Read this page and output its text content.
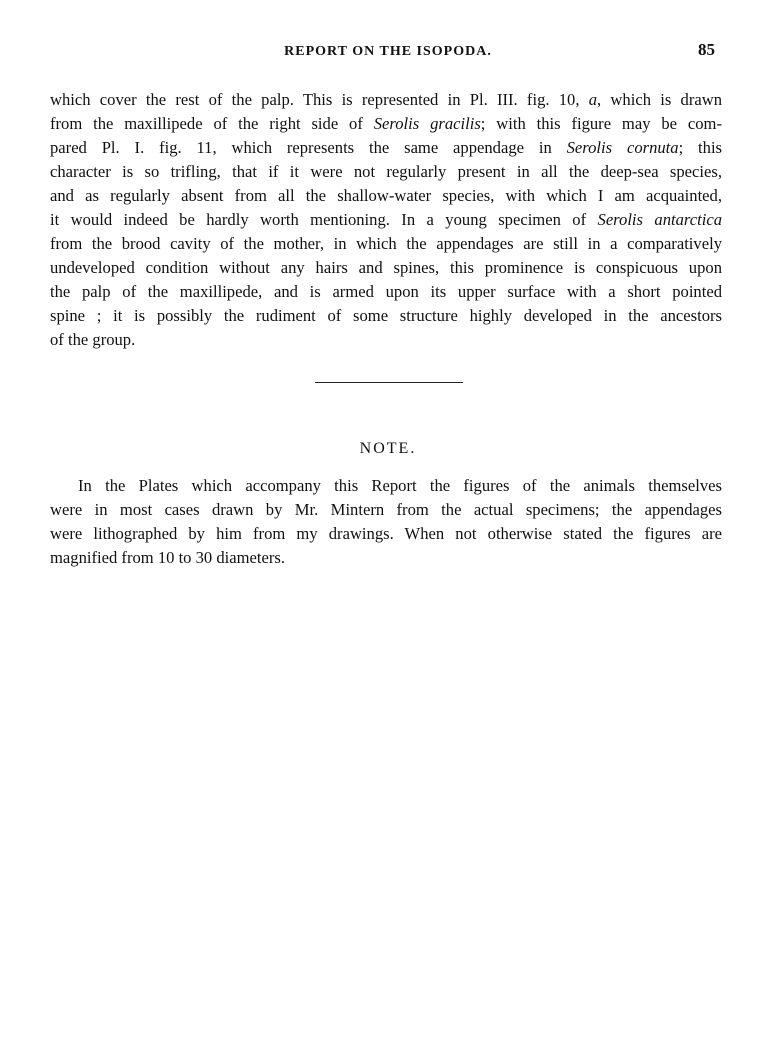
REPORT ON THE ISOPODA.	85
which cover the rest of the palp. This is represented in Pl. III. fig. 10, a, which is drawn
from the maxillipede of the right side of Serolis gracilis; with this figure may be com-
pared Pl. I. fig. 11, which represents the same appendage in Serolis cornuta; this
character is so trifling, that if it were not regularly present in all the deep-sea species,
and as regularly absent from all the shallow-water species, with which I am acquainted,
it would indeed be hardly worth mentioning. In a young specimen of Serolis antarctica
from the brood cavity of the mother, in which the appendages are still in a comparatively
undeveloped condition without any hairs and spines, this prominence is conspicuous upon
the palp of the maxillipede, and is armed upon its upper surface with a short pointed
spine ; it is possibly the rudiment of some structure highly developed in the ancestors
of the group.
NOTE.
In the Plates which accompany this Report the figures of the animals themselves
were in most cases drawn by Mr. Mintern from the actual specimens; the appendages
were lithographed by him from my drawings. When not otherwise stated the figures are
magnified from 10 to 30 diameters.
